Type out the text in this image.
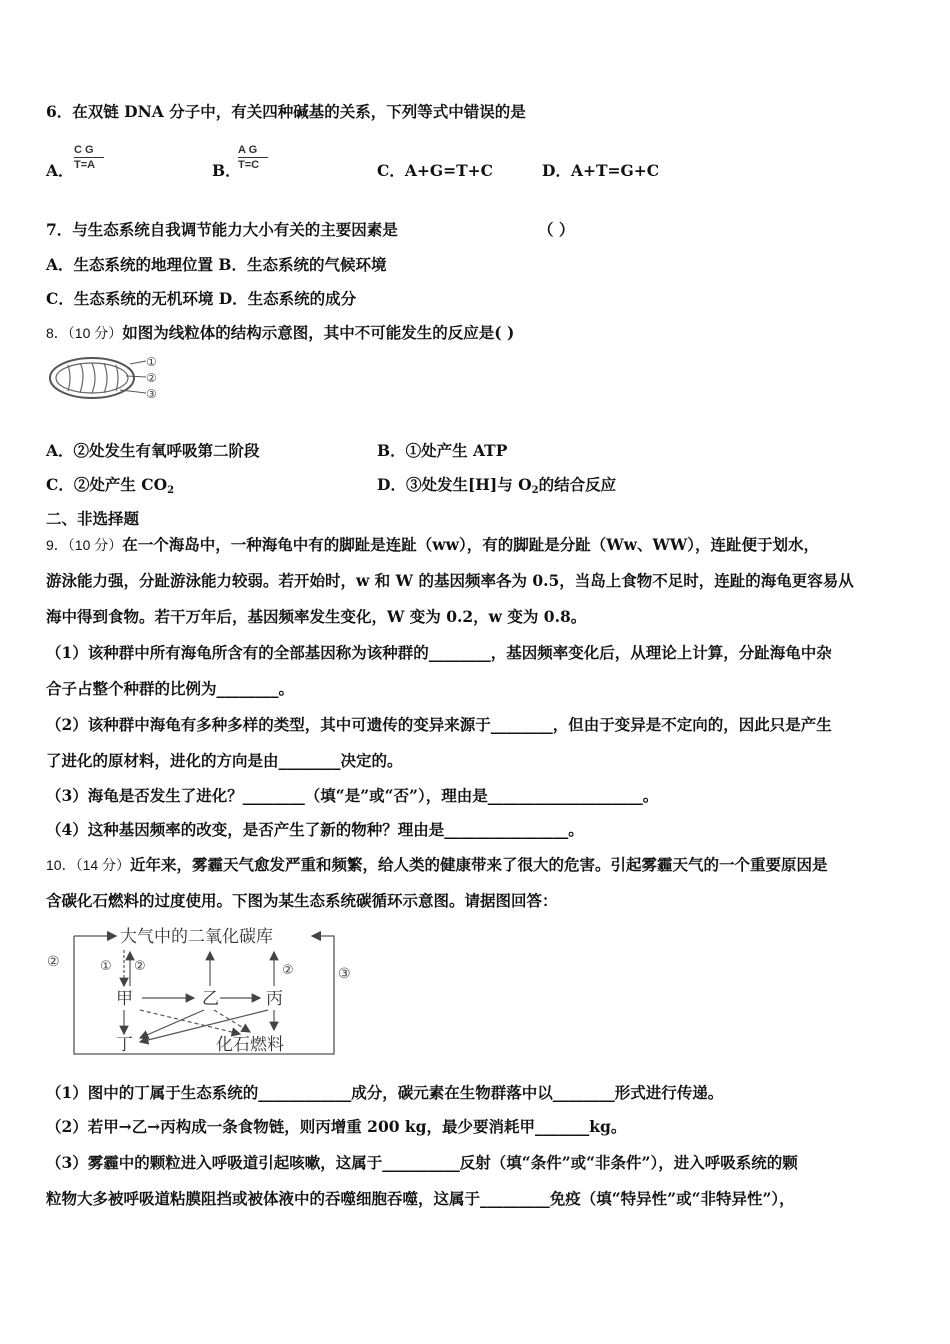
6．在双链 DNA 分子中，有关四种碱基的关系，下列等式中错误的是
A．
C G
T=A	B．
A G
T=C	C．A+G=T+C	D．A+T=G+C
7．与生态系统自我调节能力大小有关的主要因素是	（ ）
A．生态系统的地理位置 B．生态系统的气候环境
C．生态系统的无机环境 D．生态系统的成分
8．（10 分）如图为线粒体的结构示意图，其中不可能发生的反应是( )
①
②
③
A．②处发生有氧呼吸第二阶段	B．①处产生 ATP
C．②处产生 $CO_2$	D．③处发生[H]与 $O_2$的结合反应
二、非选择题
9．（10 分）在一个海岛中，一种海龟中有的脚趾是连趾（ww），有的脚趾是分趾（Ww、WW），连趾便于划水，
游泳能力强，分趾游泳能力较弱。若开始时，w 和 W 的基因频率各为 0.5，当岛上食物不足时，连趾的海龟更容易从
海中得到食物。若干万年后，基因频率发生变化，W 变为 0.2，w 变为 0.8。
（1）该种群中所有海龟所含有的全部基因称为该种群的________，基因频率变化后，从理论上计算，分趾海龟中杂
合子占整个种群的比例为________。
（2）该种群中海龟有多种多样的类型，其中可遗传的变异来源于________，但由于变异是不定向的，因此只是产生
了进化的原材料，进化的方向是由________决定的。
（3）海龟是否发生了进化？________（填“是”或“否”），理由是____________________。
（4）这种基因频率的改变，是否产生了新的物种？理由是________________。
10．（14 分）近年来，雾霾天气愈发严重和频繁，给人类的健康带来了很大的危害。引起雾霾天气的一个重要原因是
含碳化石燃料的过度使用。下图为某生态系统碳循环示意图。请据图回答：
②
③
大气中的二氧化碳库
① ②	②
甲	乙	丙
丁	化石燃料
（1）图中的丁属于生态系统的____________成分，碳元素在生物群落中以________形式进行传递。
（2）若甲→乙→丙构成一条食物链，则丙增重 200 kg，最少要消耗甲_______kg。
（3）雾霾中的颗粒进入呼吸道引起咳嗽，这属于__________反射（填“条件”或“非条件”），进入呼吸系统的颗
粒物大多被呼吸道粘膜阻挡或被体液中的吞噬细胞吞噬，这属于_________免疫（填“特异性”或“非特异性”），
